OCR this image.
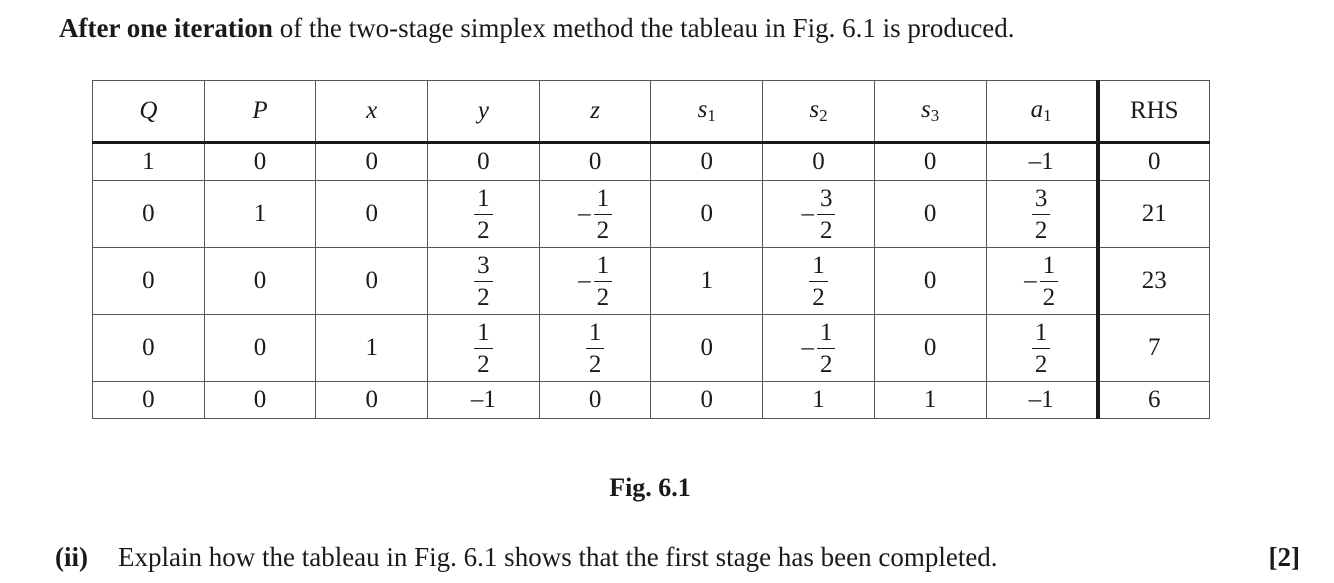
After one iteration of the two-stage simplex method the tableau in Fig. 6.1 is produced.
Q	P	x	y	z	$s_1$	$s_2$	$s_3$	$a_1$	RHS
1	0	0	0	0	0	0	0	–1	0
0	1	0	$\frac{1}{2}$	– $\frac{1}{2}$	0	– $\frac{3}{2}$	0	$\frac{3}{2}$	21
0	0	0	$\frac{3}{2}$	– $\frac{1}{2}$	1	$\frac{1}{2}$	0	– $\frac{1}{2}$	23
0	0	1	$\frac{1}{2}$	$\frac{1}{2}$	0	– $\frac{1}{2}$	0	$\frac{1}{2}$	7
0	0	0	–1	0	0	1	1	–1	6
Fig. 6.1
(ii) Explain how the tableau in Fig. 6.1 shows that the first stage has been completed.	[2]
